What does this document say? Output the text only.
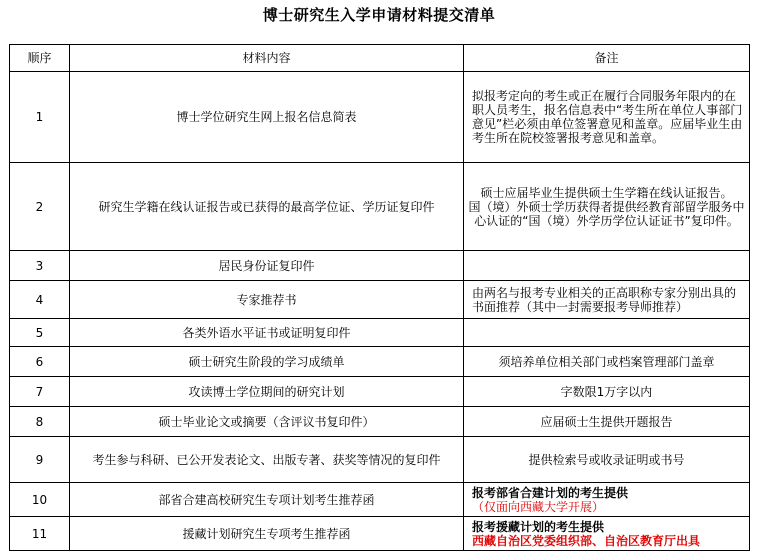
博士研究生入学申请材料提交清单
顺序	材料内容	备注
1	博士学位研究生网上报名信息简表	拟报考定向的考生或正在履行合同服务年限内的在职人员考生，报名信息表中“考生所在单位人事部门意见”栏必须由单位签署意见和盖章。应届毕业生由考生所在院校签署报考意见和盖章。
2	研究生学籍在线认证报告或已获得的最高学位证、学历证复印件	硕士应届毕业生提供硕士生学籍在线认证报告。
国（境）外硕士学历获得者提供经教育部留学服务中心认证的“国（境）外学历学位认证证书”复印件。

3	居民身份证复印件	
4	专家推荐书	由两名与报考专业相关的正高职称专家分别出具的书面推荐（其中一封需要报考导师推荐）
5	各类外语水平证书或证明复印件	
6	硕士研究生阶段的学习成绩单	须培养单位相关部门或档案管理部门盖章
7	攻读博士学位期间的研究计划	字数限1万字以内
8	硕士毕业论文或摘要（含评议书复印件）	应届硕士生提供开题报告
9	考生参与科研、已公开发表论文、出版专著、获奖等情况的复印件	提供检索号或收录证明或书号
10	部省合建高校研究生专项计划考生推荐函	报考部省合建计划的考生提供
（仅面向西藏大学开展）

11	援藏计划研究生专项考生推荐函	报考援藏计划的考生提供
西藏自治区党委组织部、自治区教育厅出具
